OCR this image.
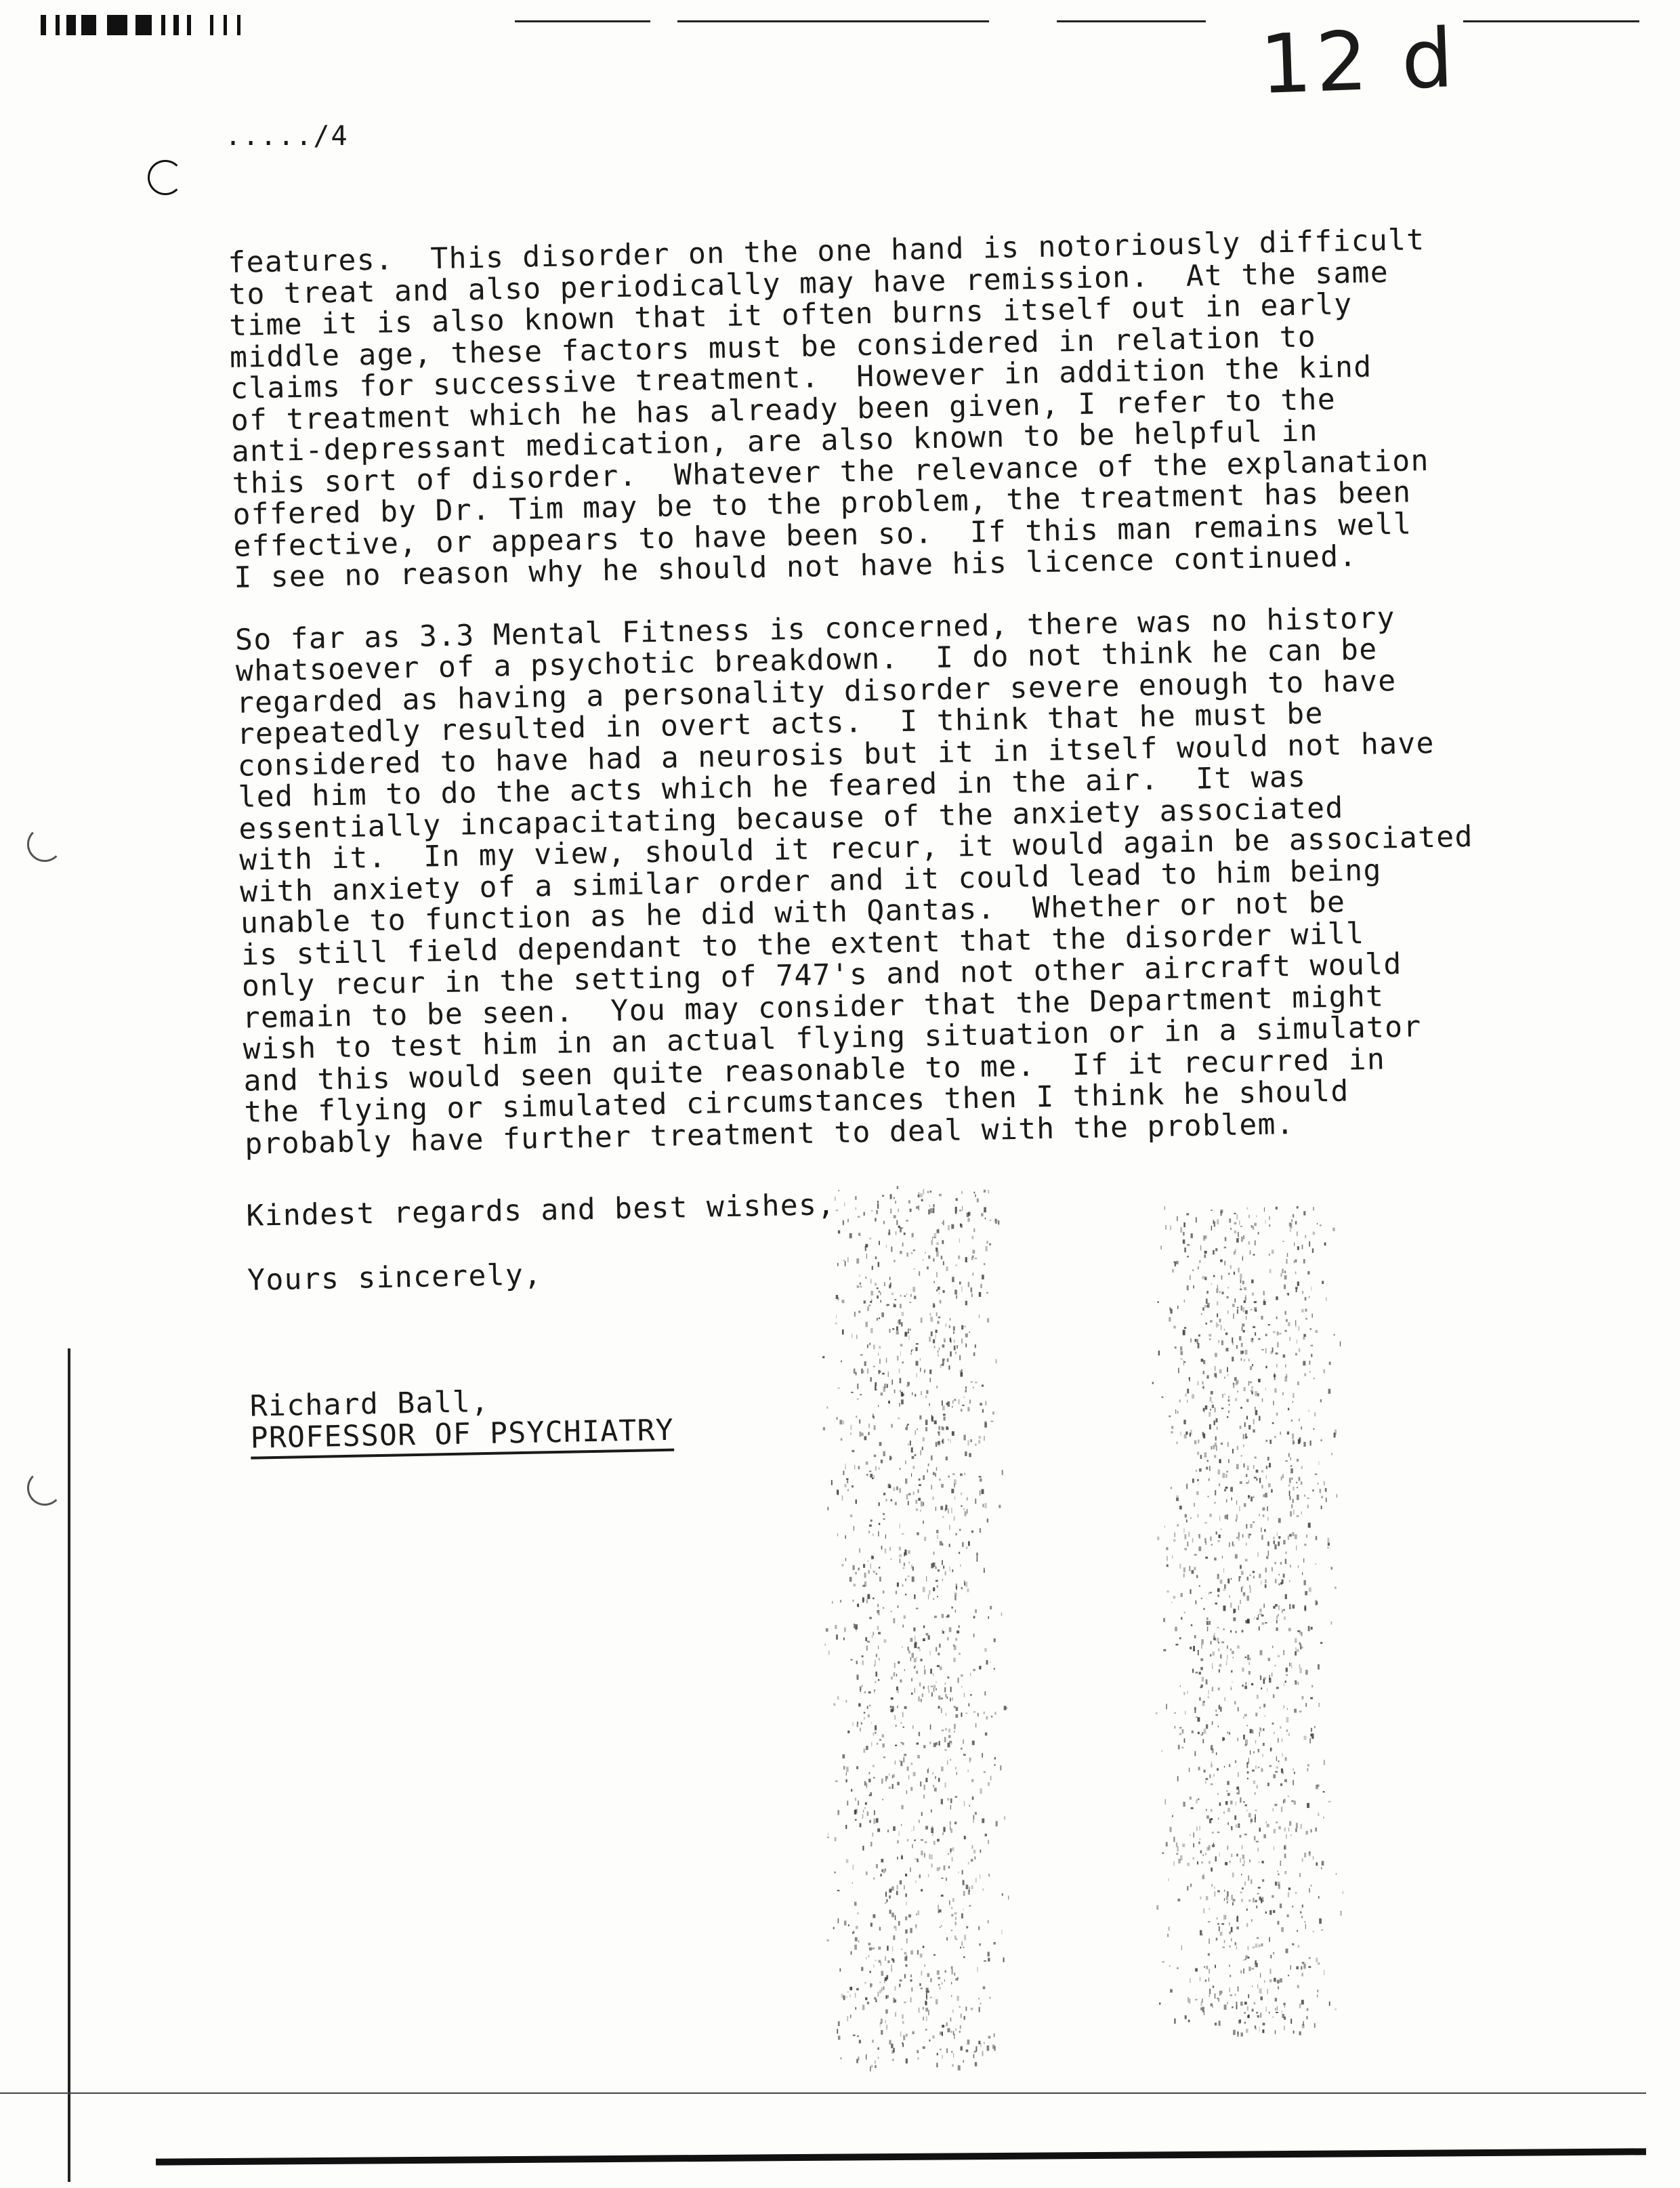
12 d
...../4

features.  This disorder on the one hand is notoriously difficult
to treat and also periodically may have remission.  At the same
time it is also known that it often burns itself out in early
middle age, these factors must be considered in relation to
claims for successive treatment.  However in addition the kind
of treatment which he has already been given, I refer to the
anti-depressant medication, are also known to be helpful in
this sort of disorder.  Whatever the relevance of the explanation
offered by Dr. Tim may be to the problem, the treatment has been
effective, or appears to have been so.  If this man remains well
I see no reason why he should not have his licence continued.

So far as 3.3 Mental Fitness is concerned, there was no history
whatsoever of a psychotic breakdown.  I do not think he can be
regarded as having a personality disorder severe enough to have
repeatedly resulted in overt acts.  I think that he must be
considered to have had a neurosis but it in itself would not have
led him to do the acts which he feared in the air.  It was
essentially incapacitating because of the anxiety associated
with it.  In my view, should it recur, it would again be associated
with anxiety of a similar order and it could lead to him being
unable to function as he did with Qantas.  Whether or not be
is still field dependant to the extent that the disorder will
only recur in the setting of 747's and not other aircraft would
remain to be seen.  You may consider that the Department might
wish to test him in an actual flying situation or in a simulator
and this would seen quite reasonable to me.  If it recurred in
the flying or simulated circumstances then I think he should
probably have further treatment to deal with the problem.

Kindest regards and best wishes,

Yours sincerely,

Richard Ball,
PROFESSOR OF PSYCHIATRY
